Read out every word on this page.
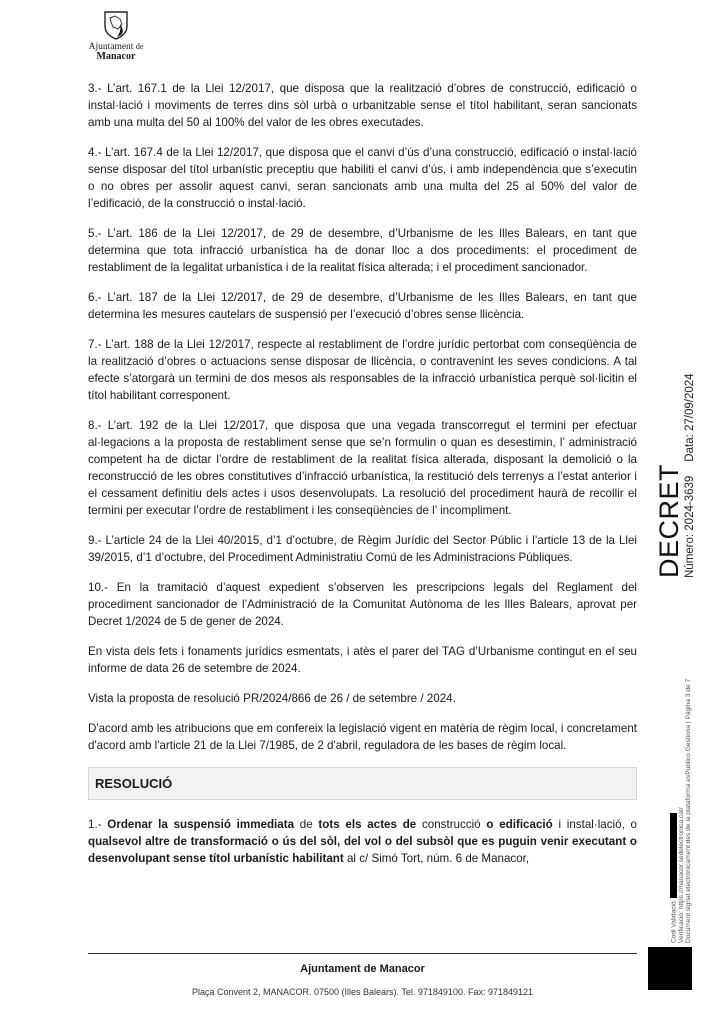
Ajuntament de
Manacor

3.- L’art. 167.1 de la Llei 12/2017, que disposa que la realització d’obres de construcció, edificació o instal·lació i moviments de terres dins sòl urbà o urbanitzable sense el títol habilitant, seran sancionats amb una multa del 50 al 100% del valor de les obres executades.

4.- L’art. 167.4 de la Llei 12/2017, que disposa que el canvi d’ús d’una construcció, edificació o instal·lació sense disposar del títol urbanístic preceptiu que habiliti el canvi d’ús, i amb independència que s’executin o no obres per assolir aquest canvi, seran sancionats amb una multa del 25 al 50% del valor de l’edificació, de la construcció o instal·lació.

5.- L’art. 186 de la Llei 12/2017, de 29 de desembre, d’Urbanisme de les Illes Balears, en tant que determina que tota infracció urbanística ha de donar lloc a dos procediments: el procediment de restabliment de la legalitat urbanística i de la realitat física alterada; i el procediment sancionador.

6.- L’art. 187 de la Llei 12/2017, de 29 de desembre, d’Urbanisme de les Illes Balears, en tant que determina les mesures cautelars de suspensió per l’execució d’obres sense llicència.

7.- L’art. 188 de la Llei 12/2017, respecte al restabliment de l’ordre jurídic pertorbat com conseqüència de la realització d’obres o actuacions sense disposar de llicència, o contravenint les seves condicions. A tal efecte s’atorgarà un termini de dos mesos als responsables de la infracció urbanística perquè sol·licitin el títol habilitant corresponent.

8.- L’art. 192 de la Llei 12/2017, que disposa que una vegada transcorregut el termini per efectuar al·legacions a la proposta de restabliment sense que se’n formulin o quan es desestimin, l’ administració competent ha de dictar l’ordre de restabliment de la realitat física alterada, disposant la demolició o la reconstrucció de les obres constitutives d’infracció urbanística, la restitució dels terrenys a l’estat anterior i el cessament definitiu dels actes i usos desenvolupats. La resolució del procediment haurà de recollir el termini per executar l’ordre de restabliment i les conseqüències de l’ incompliment.

9.- L’article 24 de la Llei 40/2015, d’1 d’octubre, de Règim Jurídic del Sector Públic i l’article 13 de la Llei 39/2015, d’1 d’octubre, del Procediment Administratiu Comú de les Administracions Públiques.

10.- En la tramitació d’aquest expedient s’observen les prescripcions legals del Reglament del procediment sancionador de l’Administració de la Comunitat Autònoma de les Illes Balears, aprovat per Decret 1/2024 de 5 de gener de 2024.

En vista dels fets i fonaments jurídics esmentats, i atès el parer del TAG d’Urbanisme contingut en el seu informe de data 26 de setembre de 2024.

Vista la proposta de resolució PR/2024/866 de 26 / de setembre / 2024.

D'acord amb les atribucions que em confereix la legislació vigent en matèria de règim local, i concretament d'acord amb l'article 21 de la Llei 7/1985, de 2 d'abril, reguladora de les bases de règim local.

RESOLUCIÓ

1.- Ordenar la suspensió immediata de tots els actes de construcció o edificació i instal·lació, o qualsevol altre de transformació o ús del sòl, del vol o del subsòl que es puguin venir executant o desenvolupant sense títol urbanístic habilitant al c/ Simó Tort, núm. 6 de Manacor,

Ajuntament de Manacor
Plaça Convent 2, MANACOR. 07500 (Illes Balears). Tel. 971849100. Fax: 971849121
DECRET Número: 2024-3639Data: 27/09/2024
Codi Validació: Verificació: https://manacor.sedelectronica.cat/ Document signat electrònicament des de la plataforma esPublico Gestiona | Pàgina 3 de 7
